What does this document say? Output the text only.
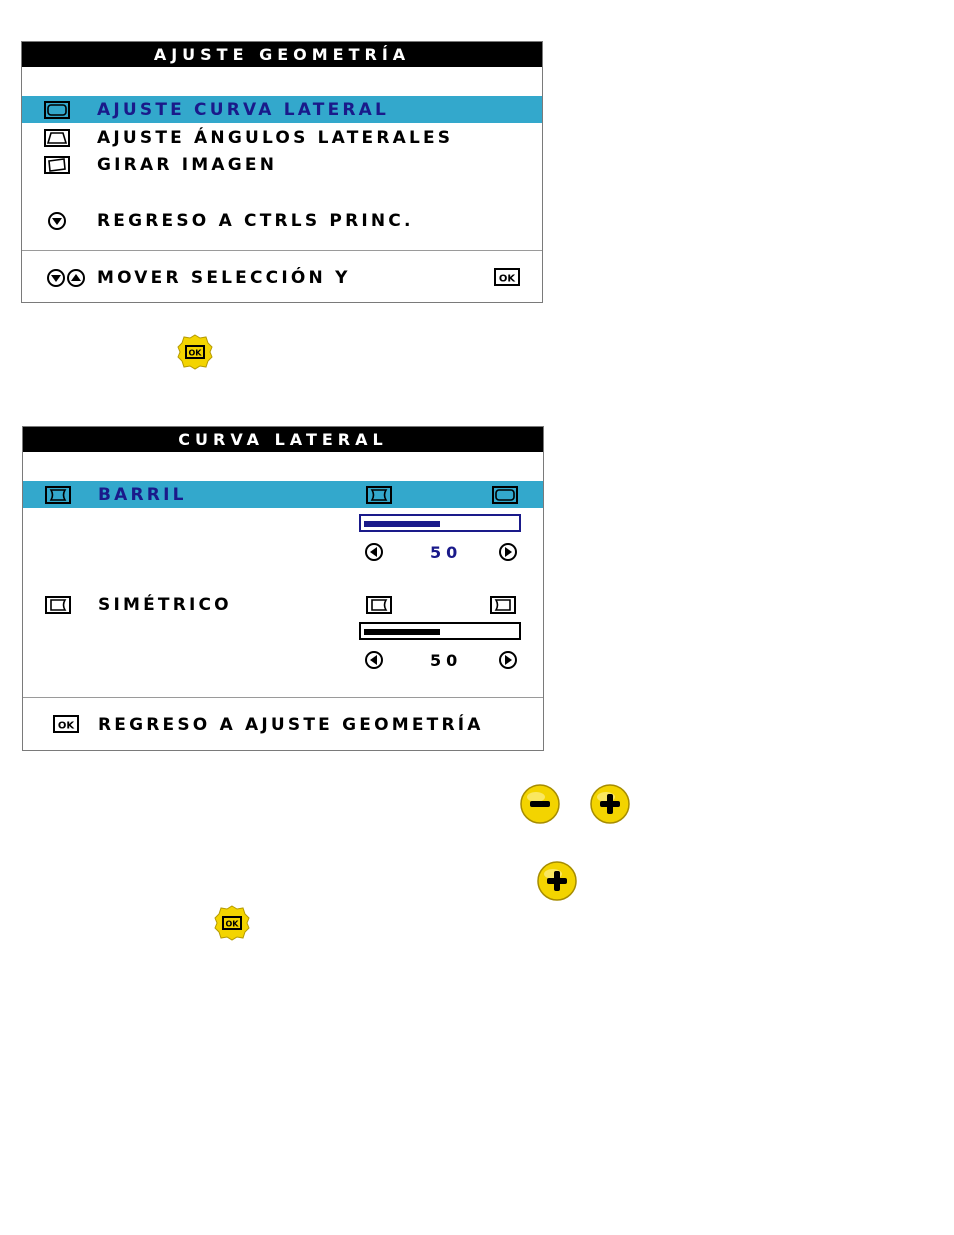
AJUSTE GEOMETRÍA
AJUSTE CURVA LATERAL
AJUSTE ÁNGULOS LATERALES
GIRAR IMAGEN
REGRESO A CTRLS PRINC.
MOVER SELECCIÓN Y	OK
OK
CURVA LATERAL
BARRIL
50
SIMÉTRICO
50
OK REGRESO A AJUSTE GEOMETRÍA
OK
